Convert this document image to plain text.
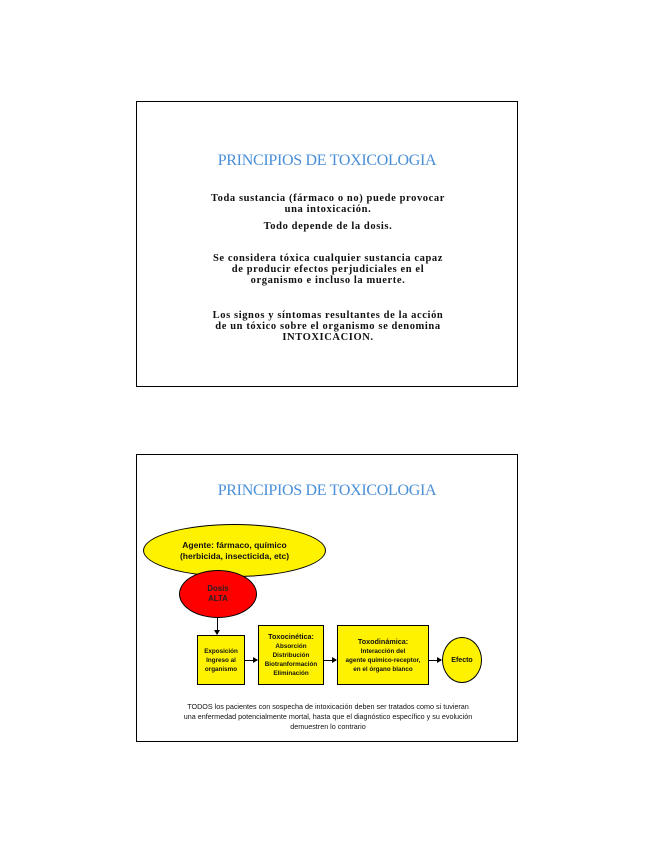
PRINCIPIOS DE TOXICOLOGIA
Toda sustancia (fármaco o no) puede provocar
una intoxicación.
Todo depende de la dosis.
Se considera tóxica cualquier sustancia capaz
de producir efectos perjudiciales en el
organismo e incluso la muerte.
Los signos y síntomas resultantes de la acción
de un tóxico sobre el organismo se denomina
INTOXICACION.
PRINCIPIOS DE TOXICOLOGIA
Agente: fármaco, químico
(herbicida, insecticida, etc)
Dosis
ALTA
Exposición
Ingreso al
organismo
Toxocinética:
Absorción
Distribución
Biotranformación
Eliminación
Toxodinámica:
Interacción del
agente químico-receptor,
en el órgano blanco
Efecto
TODOS los pacientes con sospecha de intoxicación deben ser tratados como si tuvieran
una enfermedad potencialmente mortal, hasta que el diagnóstico específico y su evolución
demuestren lo contrario
